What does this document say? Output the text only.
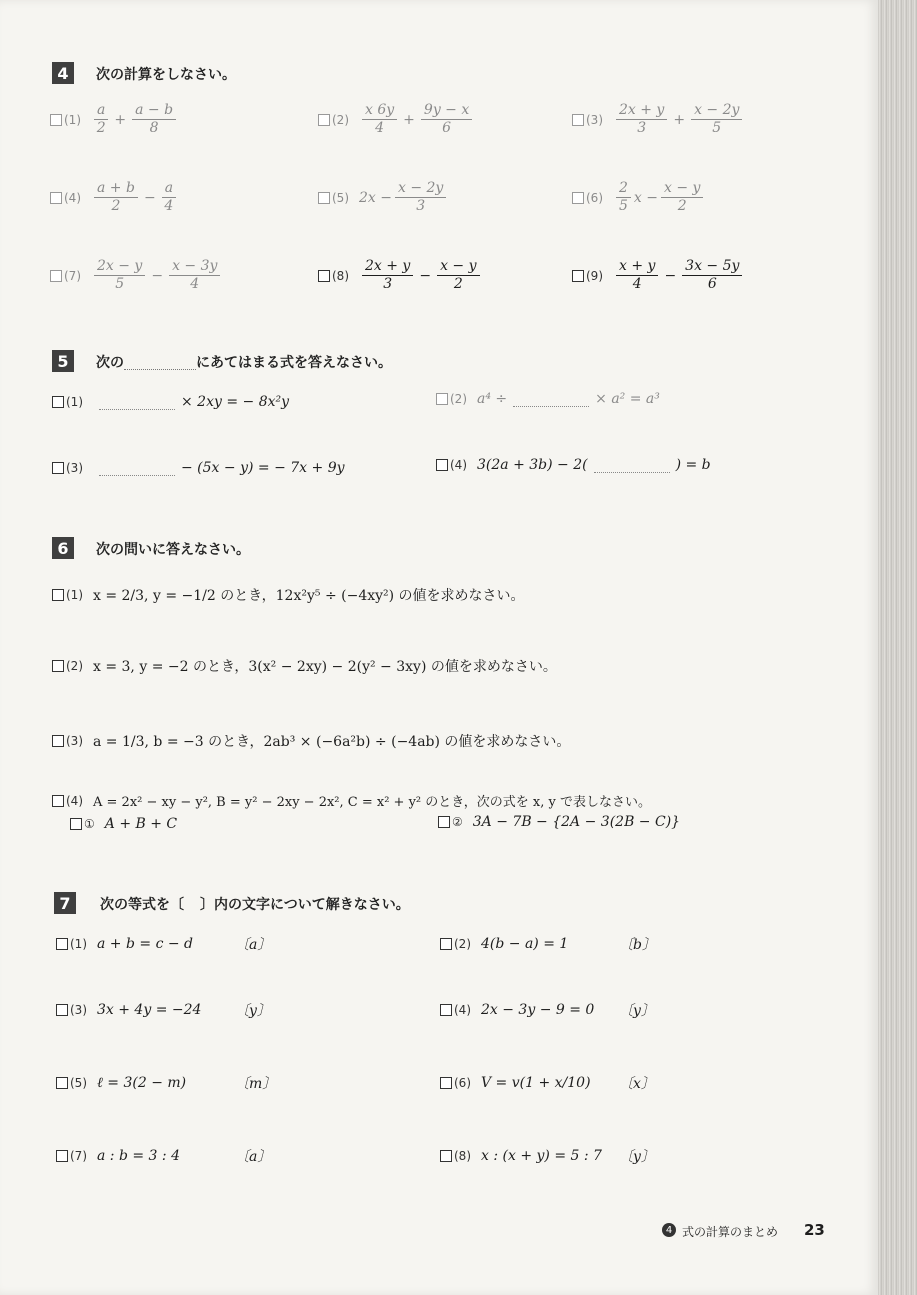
4	次の計算をしなさい。
$(1) \frac{a}{2} + \frac{a - b}{8}$	$(2) \frac{x 6y}{4} + \frac{9y - x}{6}$	$(3) \frac{2x + y}{3} + \frac{x - 2y}{5}$
$(4) \frac{a + b}{2} - \frac{a}{4}$	(5) $2x - \frac{x - 2y}{3}$	$(6) \frac{2}{5}$ $x - \frac{x - y}{2}$
$(7) \frac{2x - y}{5} - \frac{x - 3y}{4}$	$(8) \frac{2x + y}{3} - \frac{x - y}{2}$	$(9) \frac{x + y}{4} - \frac{3x - 5y}{6}$
5	次の	にあてはまる式を答えなさい。
(1)	× 2xy = − 8x²y	(2) a⁴ ÷	× a² = a³
(3)	− (5x − y) = − 7x + 9y	(4) 3(2a + 3b) − 2(	) = b
6	次の問いに答えなさい。
(1) x = 2/3, y = −1/2 のとき，12x²y⁵ ÷ (−4xy²) の値を求めなさい。
(2) x = 3, y = −2 のとき，3(x² − 2xy) − 2(y² − 3xy) の値を求めなさい。
(3) a = 1/3, b = −3 のとき，2ab³ × (−6a²b) ÷ (−4ab) の値を求めなさい。
(4) A = 2x² − xy − y², B = y² − 2xy − 2x², C = x² + y² のとき，次の式を x, y で表しなさい。
① A + B + C	② 3A − 7B − {2A − 3(2B − C)}
7	次の等式を〔 〕内の文字について解きなさい。
(1) a + b = c − d	〔a〕	(2) 4(b − a) = 1	〔b〕
(3) 3x + 4y = −24	〔y〕	(4) 2x − 3y − 9 = 0	〔y〕
(5) ℓ = 3(2 − m)	〔m〕	(6) V = v(1 + x/10)	〔x〕
(7) a : b = 3 : 4	〔a〕	(8) x : (x + y) = 5 : 7	〔y〕
4 式の計算のまとめ 23
